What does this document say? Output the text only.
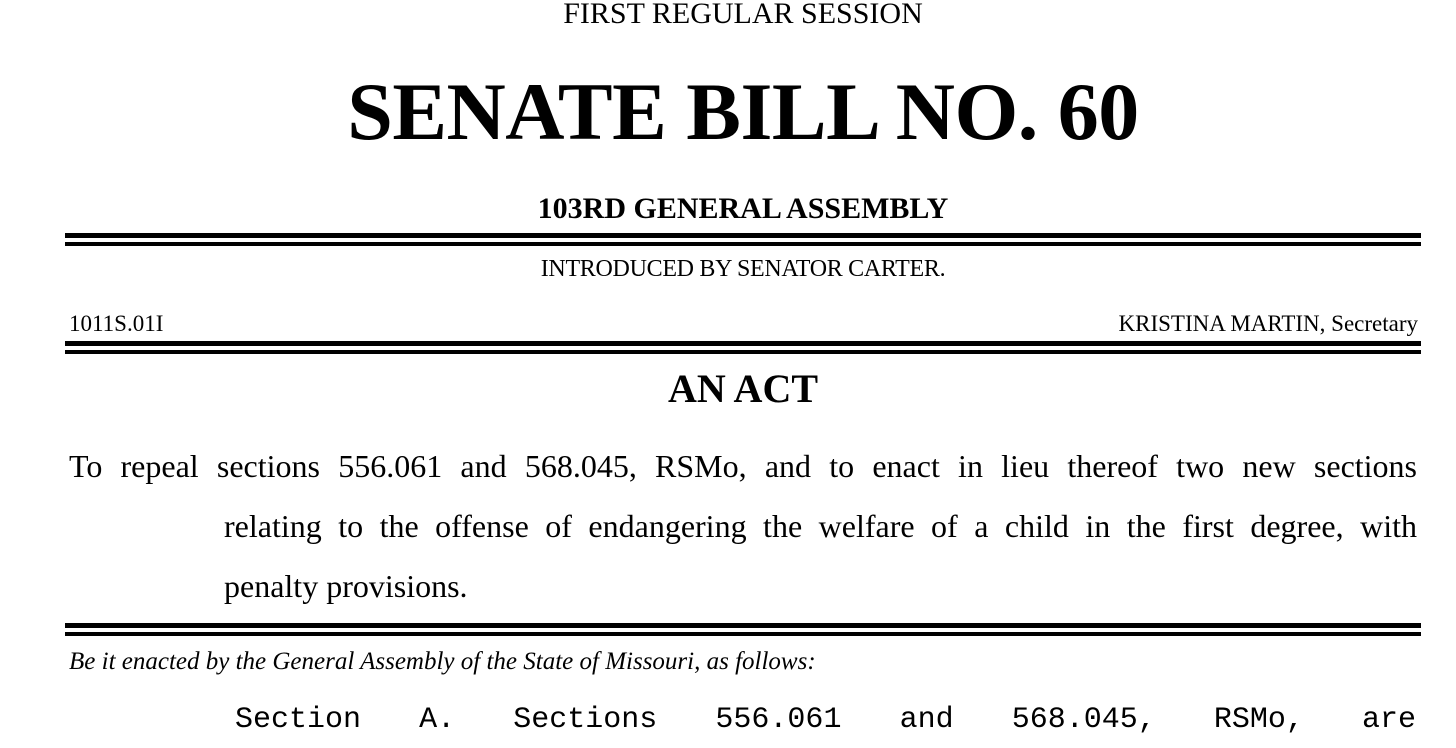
FIRST REGULAR SESSION
SENATE BILL NO. 60
103RD GENERAL ASSEMBLY
INTRODUCED BY SENATOR CARTER.
1011S.01I	KRISTINA MARTIN, Secretary
AN ACT
To repeal sections 556.061 and 568.045, RSMo, and to enact in lieu thereof two new sections
relating to the offense of endangering the welfare of a child in the first degree, with
penalty provisions.
Be it enacted by the General Assembly of the State of Missouri, as follows:
Section A. Sections 556.061 and 568.045, RSMo, are
